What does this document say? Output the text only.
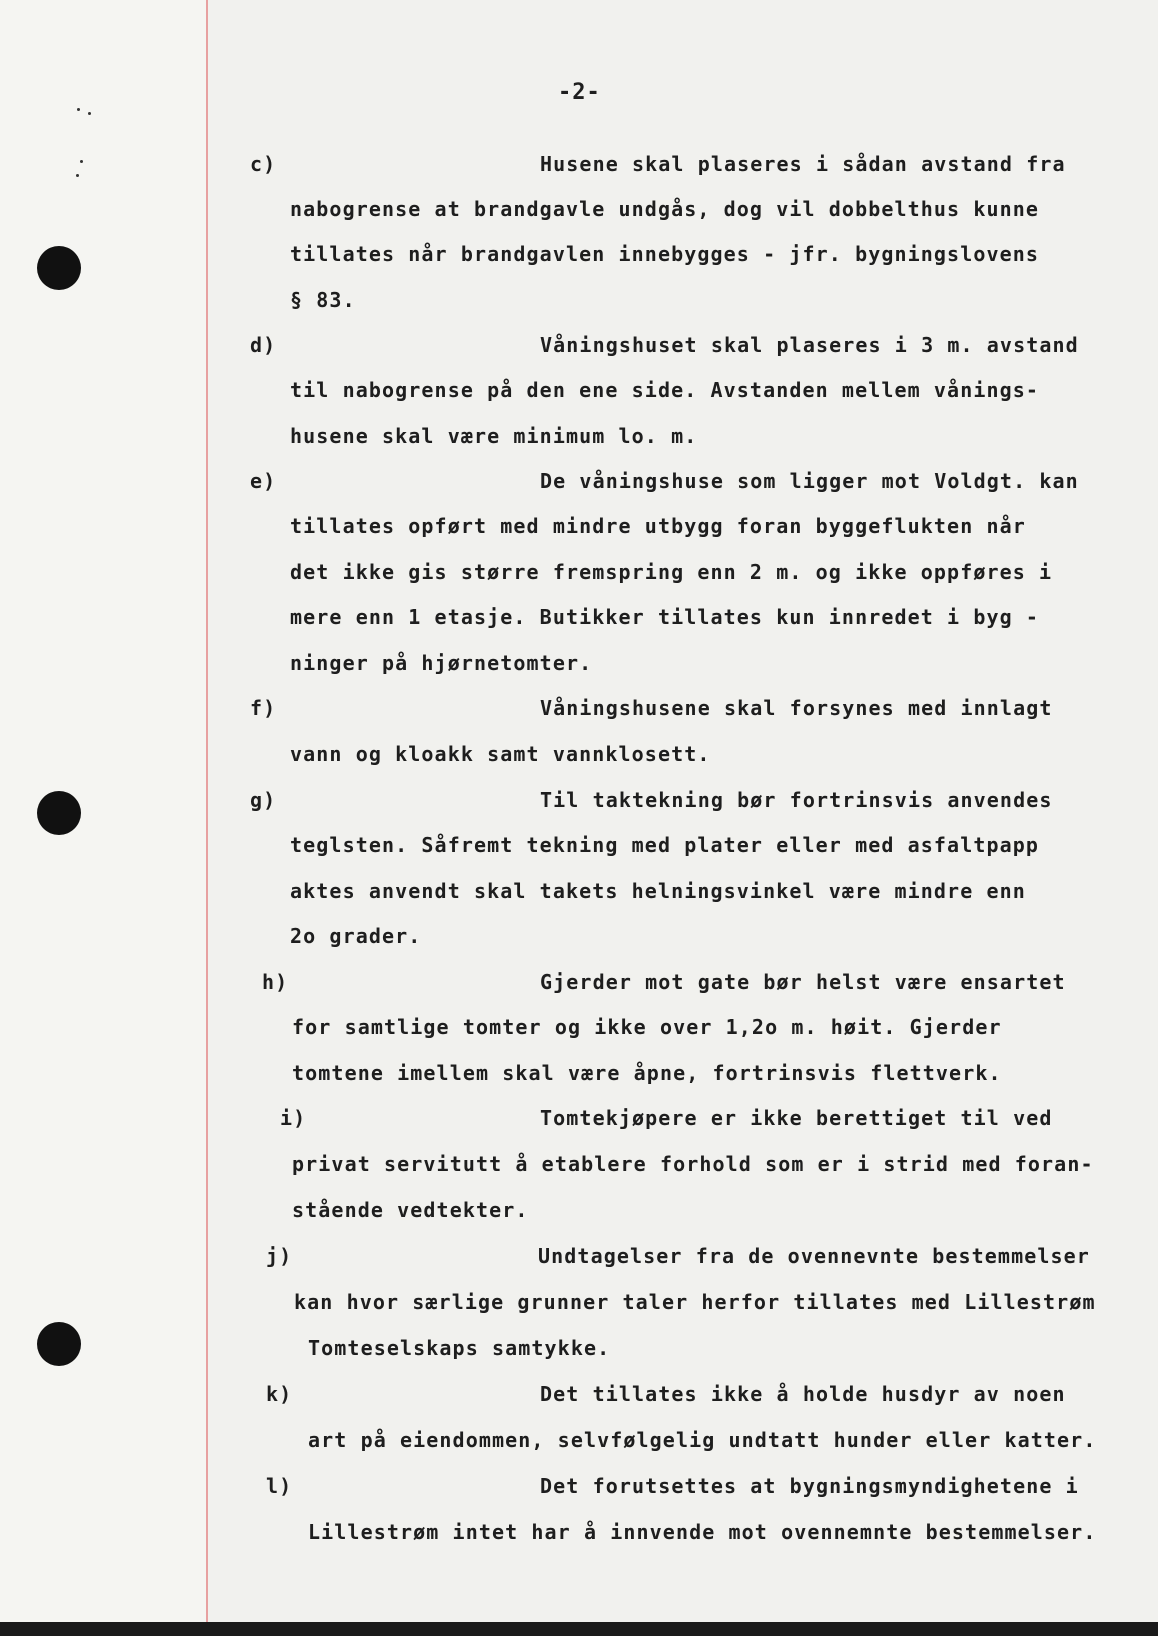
-2-

c)	Husene skal plaseres i sådan avstand fra

nabogrense at brandgavle undgås, dog vil dobbelthus kunne

tillates når brandgavlen innebygges - jfr. bygningslovens

§ 83.

d)	Våningshuset skal plaseres i 3 m. avstand

til nabogrense på den ene side. Avstanden mellem vånings-

husene skal være minimum lo. m.

e)	De våningshuse som ligger mot Voldgt. kan

tillates opført med mindre utbygg foran byggeflukten når

det ikke gis større fremspring enn 2 m. og ikke oppføres i

mere enn 1 etasje. Butikker tillates kun innredet i byg -

ninger på hjørnetomter.

f)	Våningshusene skal forsynes med innlagt

vann og kloakk samt vannklosett.

g)	Til taktekning bør fortrinsvis anvendes

teglsten. Såfremt tekning med plater eller med asfaltpapp

aktes anvendt skal takets helningsvinkel være mindre enn

2o grader.

h)	Gjerder mot gate bør helst være ensartet

for samtlige tomter og ikke over 1,2o m. høit. Gjerder

tomtene imellem skal være åpne, fortrinsvis flettverk.

i)	Tomtekjøpere er ikke berettiget til ved

privat servitutt å etablere forhold som er i strid med foran-

stående vedtekter.

j)	Undtagelser fra de ovennevnte bestemmelser

kan hvor særlige grunner taler herfor tillates med Lillestrøm

Tomteselskaps samtykke.

k)	Det tillates ikke å holde husdyr av noen

art på eiendommen, selvfølgelig undtatt hunder eller katter.

l)	Det forutsettes at bygningsmyndighetene i

Lillestrøm intet har å innvende mot ovennemnte bestemmelser.
